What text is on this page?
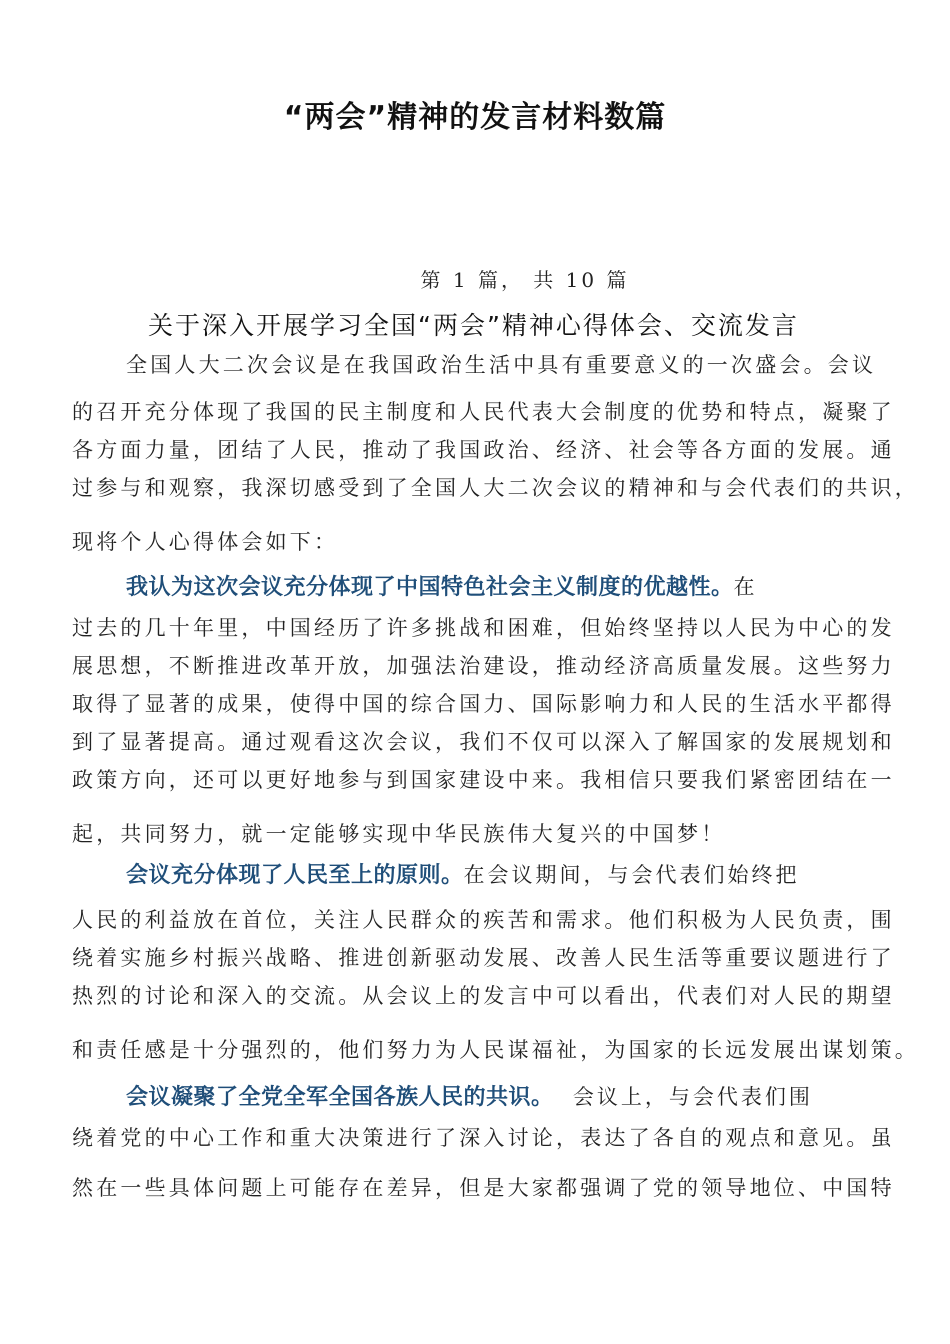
“两会”精神的发言材料数篇
第 1 篇， 共 10 篇
关于深入开展学习全国“两会”精神心得体会、交流发言
全国人大二次会议是在我国政治生活中具有重要意义的一次盛会。会议
的召开充分体现了我国的民主制度和人民代表大会制度的优势和特点，凝聚了
各方面力量，团结了人民，推动了我国政治、经济、社会等各方面的发展。通
过参与和观察，我深切感受到了全国人大二次会议的精神和与会代表们的共识，
现将个人心得体会如下：
我认为这次会议充分体现了中国特色社会主义制度的优越性。在
过去的几十年里，中国经历了许多挑战和困难，但始终坚持以人民为中心的发
展思想，不断推进改革开放，加强法治建设，推动经济高质量发展。这些努力
取得了显著的成果，使得中国的综合国力、国际影响力和人民的生活水平都得
到了显著提高。通过观看这次会议，我们不仅可以深入了解国家的发展规划和
政策方向，还可以更好地参与到国家建设中来。我相信只要我们紧密团结在一
起，共同努力，就一定能够实现中华民族伟大复兴的中国梦！
会议充分体现了人民至上的原则。在会议期间，与会代表们始终把
人民的利益放在首位，关注人民群众的疾苦和需求。他们积极为人民负责，围
绕着实施乡村振兴战略、推进创新驱动发展、改善人民生活等重要议题进行了
热烈的讨论和深入的交流。从会议上的发言中可以看出，代表们对人民的期望
和责任感是十分强烈的，他们努力为人民谋福祉，为国家的长远发展出谋划策。
会议凝聚了全党全军全国各族人民的共识。  会议上，与会代表们围
绕着党的中心工作和重大决策进行了深入讨论，表达了各自的观点和意见。虽
然在一些具体问题上可能存在差异，但是大家都强调了党的领导地位、中国特
